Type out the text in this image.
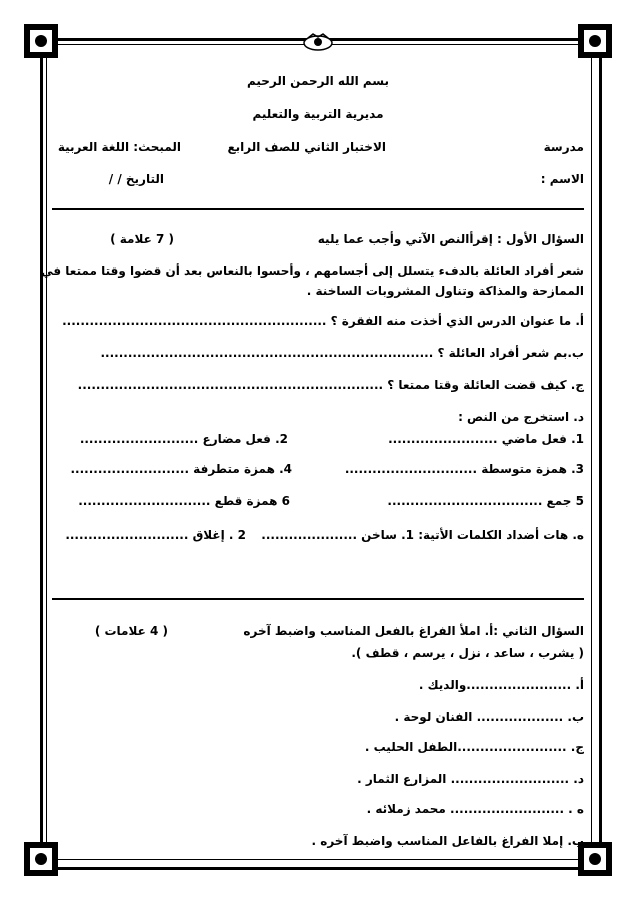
بسم الله الرحمن الرحيم
مديرية التربية والتعليم
مدرسة
الاختبار الثاني للصف الرابع
المبحث: اللغة العربية
الاسم :
التاريخ / /
السؤال الأول : إقرأالنص الآتي وأجب عما يليه
( 7 علامة )
شعر أفراد العائلة بالدفء يتسلل إلى أجسامهم ، وأحسوا بالنعاس بعد أن قضوا وقتا ممتعا في
الممازحة والمذاكة وتناول المشروبات الساخنة .
أ. ما عنوان الدرس الذي أخذت منه الفقرة ؟ ..........................................................
ب.بم شعر أفراد العائلة ؟ .........................................................................
ج. كيف قضت العائلة وقتا ممتعا ؟ ...................................................................
د. استخرج من النص :
1. فعل ماضي ........................
2. فعل مضارع ..........................
3. همزة متوسطة .............................
4. همزة متطرفة ..........................
5 جمع ..................................
6 همزة قطع .............................
ه. هات أضداد الكلمات الأتية: 1. ساخن .....................
2 . إغلاق ...........................
السؤال الثاني :أ. املأ الفراغ بالفعل المناسب واضبط آخره
( 4 علامات )
( يشرب ، ساعد ، نزل ، يرسم ، قطف ).
أ. .......................والديك .
ب. ................... الفنان لوحة .
ج. ........................الطفل الحليب .
د. .......................... المزارع الثمار .
ه . ......................... محمد زملائه .
ب. إملا الفراغ بالفاعل المناسب واضبط آخره .
